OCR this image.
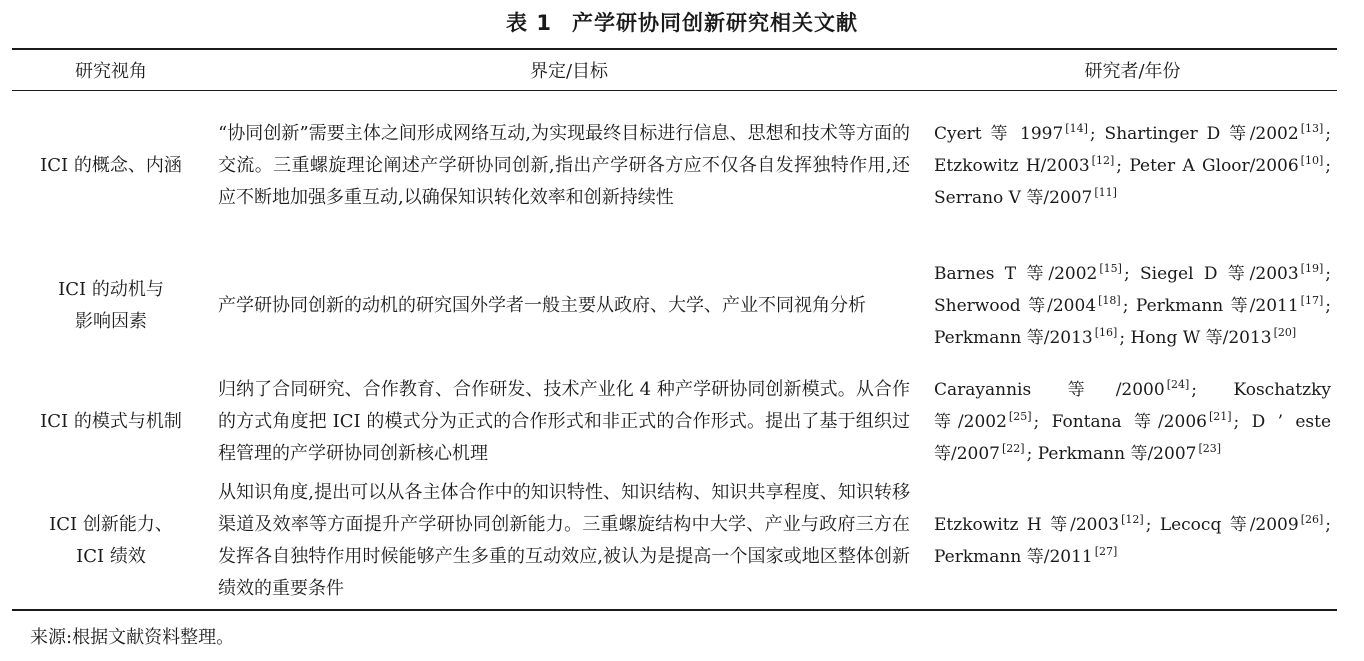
表 1 产学研协同创新研究相关文献
研究视角	界定/目标	研究者/年份
ICI 的概念、内涵	“协同创新”需要主体之间形成网络互动,为实现最终目标进行信息、思想和技术等方面的交流。三重螺旋理论阐述产学研协同创新,指出产学研各方应不仅各自发挥独特作用,还应不断地加强多重互动,以确保知识转化效率和创新持续性	Cyert 等 1997 [14] ; Shartinger D 等/2002 [13] ; Etzkowitz H/2003 [12] ; Peter A Gloor/2006 [10] ; Serrano V 等/2007 [11]
ICI 的动机与
影响因素	产学研协同创新的动机的研究国外学者一般主要从政府、大学、产业不同视角分析	Barnes T 等/2002 [15] ; Siegel D 等/2003 [19] ; Sherwood 等/2004 [18] ; Perkmann 等/2011 [17] ; Perkmann 等/2013 [16] ; Hong W 等/2013 [20]
ICI 的模式与机制	归纳了合同研究、合作教育、合作研发、技术产业化 4 种产学研协同创新模式。从合作的方式角度把 ICI 的模式分为正式的合作形式和非正式的合作形式。提出了基于组织过程管理的产学研协同创新核心机理	Carayannis 等/2000 [24] ; Koschatzky 等/2002 [25] ; Fontana 等/2006 [21] ; D ’ este 等/2007 [22] ; Perkmann 等/2007 [23]
ICI 创新能力、
ICI 绩效	从知识角度,提出可以从各主体合作中的知识特性、知识结构、知识共享程度、知识转移渠道及效率等方面提升产学研协同创新能力。三重螺旋结构中大学、产业与政府三方在发挥各自独特作用时候能够产生多重的互动效应,被认为是提高一个国家或地区整体创新绩效的重要条件	Etzkowitz H 等/2003 [12] ; Lecocq 等/2009 [26] ; Perkmann 等/2011 [27]
来源:根据文献资料整理。
